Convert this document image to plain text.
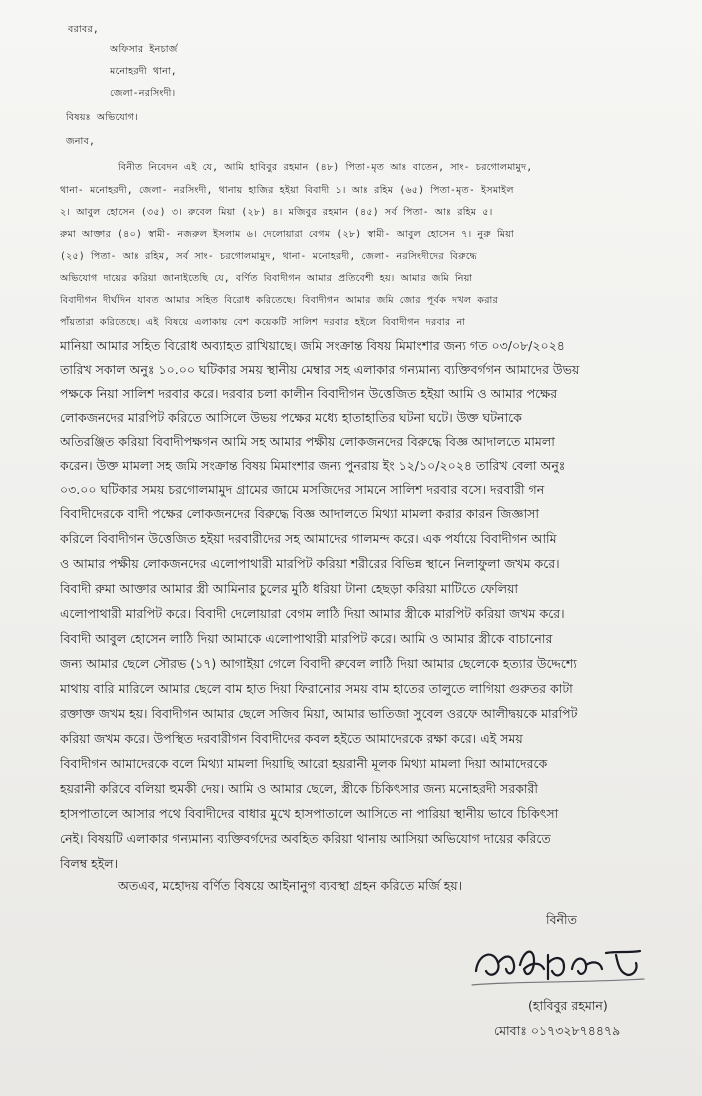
বরাবর,

অফিসার ইনচার্জ

মনোহরদী থানা,

জেলা-নরসিংদী।

বিষয়ঃ অভিযোগ।

জনাব,

বিনীত নিবেদন এই যে, আমি হাবিবুর রহমান (৪৮) পিতা-মৃত আঃ বাতেন, সাং- চরগোলমামুদ,

থানা- মনোহরদী, জেলা- নরসিংদী, থানায় হাজির হইয়া বিবাদী ১। আঃ রহিম (৬৫) পিতা-মৃত- ইসমাইল

২। আবুল হোসেন (৩৫) ৩। রুবেল মিয়া (২৮) ৪। মজিবুর রহমান (৪৫) সর্ব পিতা- আঃ রহিম ৫।

রুমা আক্তার (৪০) স্বামী- নজরুল ইসলাম ৬। দেলোয়ারা বেগম (২৮) স্বামী- আবুল হোসেন ৭। নুরু মিয়া

(২৫) পিতা- আঃ রহিম, সর্ব সাং- চরগোলমামুদ, থানা- মনোহরদী, জেলা- নরসিংদীদের বিরুদ্ধে

অভিযোগ দায়ের করিয়া জানাইতেছি যে, বর্ণিত বিবাদীগন আমার প্রতিবেশী হয়। আমার জমি নিয়া

বিবাদীগন দীর্ঘদিন যাবত আমার সহিত বিরোধ করিতেছে। বিবাদীগন আমার জমি জোর পূর্বক দখল করার

পাঁয়তারা করিতেছে। এই বিষয়ে এলাকায় বেশ কয়েকটি সালিশ দরবার হইলে বিবাদীগন দরবার না

মানিয়া আমার সহিত বিরোধ অব্যাহত রাখিয়াছে। জমি সংক্রান্ত বিষয় মিমাংশার জন্য গত ০৩/০৮/২০২৪

তারিখ সকাল অনুঃ ১০.০০ ঘটিকার সময় স্থানীয় মেম্বার সহ এলাকার গন্যমান্য ব্যক্তিবর্গগন আমাদের উভয়

পক্ষকে নিয়া সালিশ দরবার করে। দরবার চলা কালীন বিবাদীগন উত্তেজিত হইয়া আমি ও আমার পক্ষের

লোকজনদের মারপিট করিতে আসিলে উভয় পক্ষের মধ্যে হাতাহাতির ঘটনা ঘটে। উক্ত ঘটনাকে

অতিরঞ্জিত করিয়া বিবাদীপক্ষগন আমি সহ আমার পক্ষীয় লোকজনদের বিরুদ্ধে বিজ্ঞ আদালতে মামলা

করেন। উক্ত মামলা সহ জমি সংক্রান্ত বিষয় মিমাংশার জন্য পুনরায় ইং ১২/১০/২০২৪ তারিখ বেলা অনুঃ

০৩.০০ ঘটিকার সময় চরগোলমামুদ গ্রামের জামে মসজিদের সামনে সালিশ দরবার বসে। দরবারী গন

বিবাদীদেরকে বাদী পক্ষের লোকজনদের বিরুদ্ধে বিজ্ঞ আদালতে মিথ্যা মামলা করার কারন জিজ্ঞাসা

করিলে বিবাদীগন উত্তেজিত হইয়া দরবারীদের সহ আমাদের গালমন্দ করে। এক পর্যায়ে বিবাদীগন আমি

ও আমার পক্ষীয় লোকজনদের এলোপাথারী মারপিট করিয়া শরীরের বিভিন্ন স্থানে নিলাফুলা জখম করে।

বিবাদী রুমা আক্তার আমার স্ত্রী আমিনার চুলের মুঠি ধরিয়া টানা হেছড়া করিয়া মাটিতে ফেলিয়া

এলোপাথারী মারপিট করে। বিবাদী দেলোয়ারা বেগম লাঠি দিয়া আমার স্ত্রীকে মারপিট করিয়া জখম করে।

বিবাদী আবুল হোসেন লাঠি দিয়া আমাকে এলোপাথারী মারপিট করে। আমি ও আমার স্ত্রীকে বাচানোর

জন্য আমার ছেলে সৌরভ (১৭) আগাইয়া গেলে বিবাদী রুবেল লাঠি দিয়া আমার ছেলেকে হত্যার উদ্দেশ্যে

মাথায় বারি মারিলে আমার ছেলে বাম হাত দিয়া ফিরানোর সময় বাম হাতের তালুতে লাগিয়া গুরুতর কাটা

রক্তাক্ত জখম হয়। বিবাদীগন আমার ছেলে সজিব মিয়া, আমার ভাতিজা সুবেল ওরফে আলীদ্বয়কে মারপিট

করিয়া জখম করে। উপস্থিত দরবারীগন বিবাদীদের কবল হইতে আমাদেরকে রক্ষা করে। এই সময়

বিবাদীগন আমাদেরকে বলে মিথ্যা মামলা দিয়াছি আরো হয়রানী মূলক মিথ্যা মামলা দিয়া আমাদেরকে

হয়রানী করিবে বলিয়া হুমকী দেয়। আমি ও আমার ছেলে, স্ত্রীকে চিকিৎসার জন্য মনোহরদী সরকারী

হাসপাতালে আসার পথে বিবাদীদের বাধার মুখে হাসপাতালে আসিতে না পারিয়া স্থানীয় ভাবে চিকিৎসা

নেই। বিষয়টি এলাকার গন্যমান্য ব্যক্তিবর্গদের অবহিত করিয়া থানায় আসিয়া অভিযোগ দায়ের করিতে

বিলম্ব হইল।

অতএব, মহোদয় বর্ণিত বিষয়ে আইনানুগ ব্যবস্থা গ্রহন করিতে মর্জি হয়।

বিনীত

(হাবিবুর রহমান)

মোবাঃ ০১৭৩২৮৭৪৪৭৯
